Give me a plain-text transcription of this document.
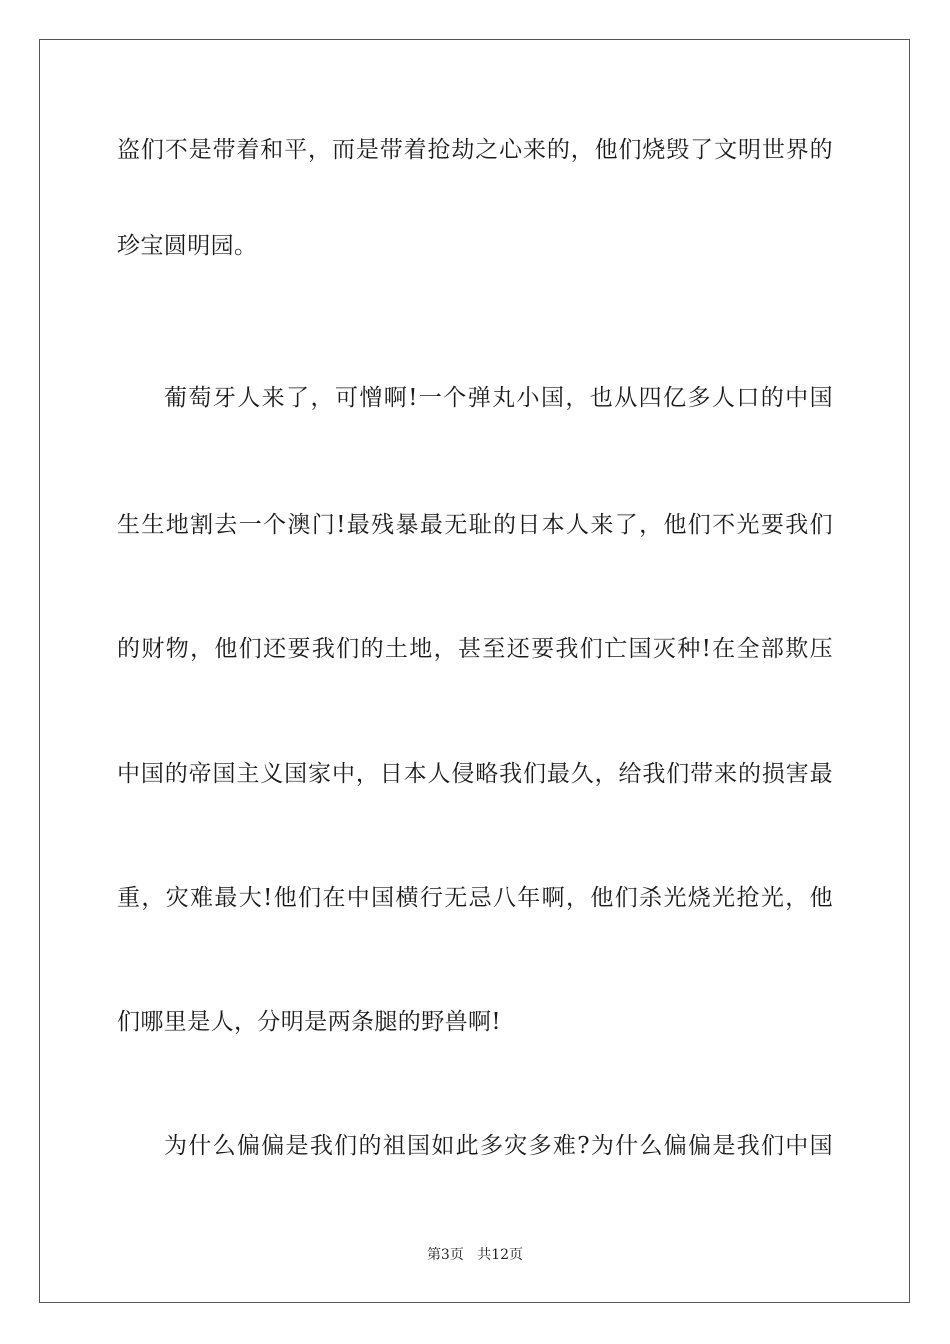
盗们不是带着和平，而是带着抢劫之心来的，他们烧毁了文明世界的
珍宝圆明园。
葡萄牙人来了，可憎啊!一个弹丸小国，也从四亿多人口的中国
生生地割去一个澳门!最残暴最无耻的日本人来了，他们不光要我们
的财物，他们还要我们的土地，甚至还要我们亡国灭种!在全部欺压
中国的帝国主义国家中，日本人侵略我们最久，给我们带来的损害最
重，灾难最大!他们在中国横行无忌八年啊，他们杀光烧光抢光，他
们哪里是人，分明是两条腿的野兽啊!
为什么偏偏是我们的祖国如此多灾多难?为什么偏偏是我们中国
第3页 共12页
